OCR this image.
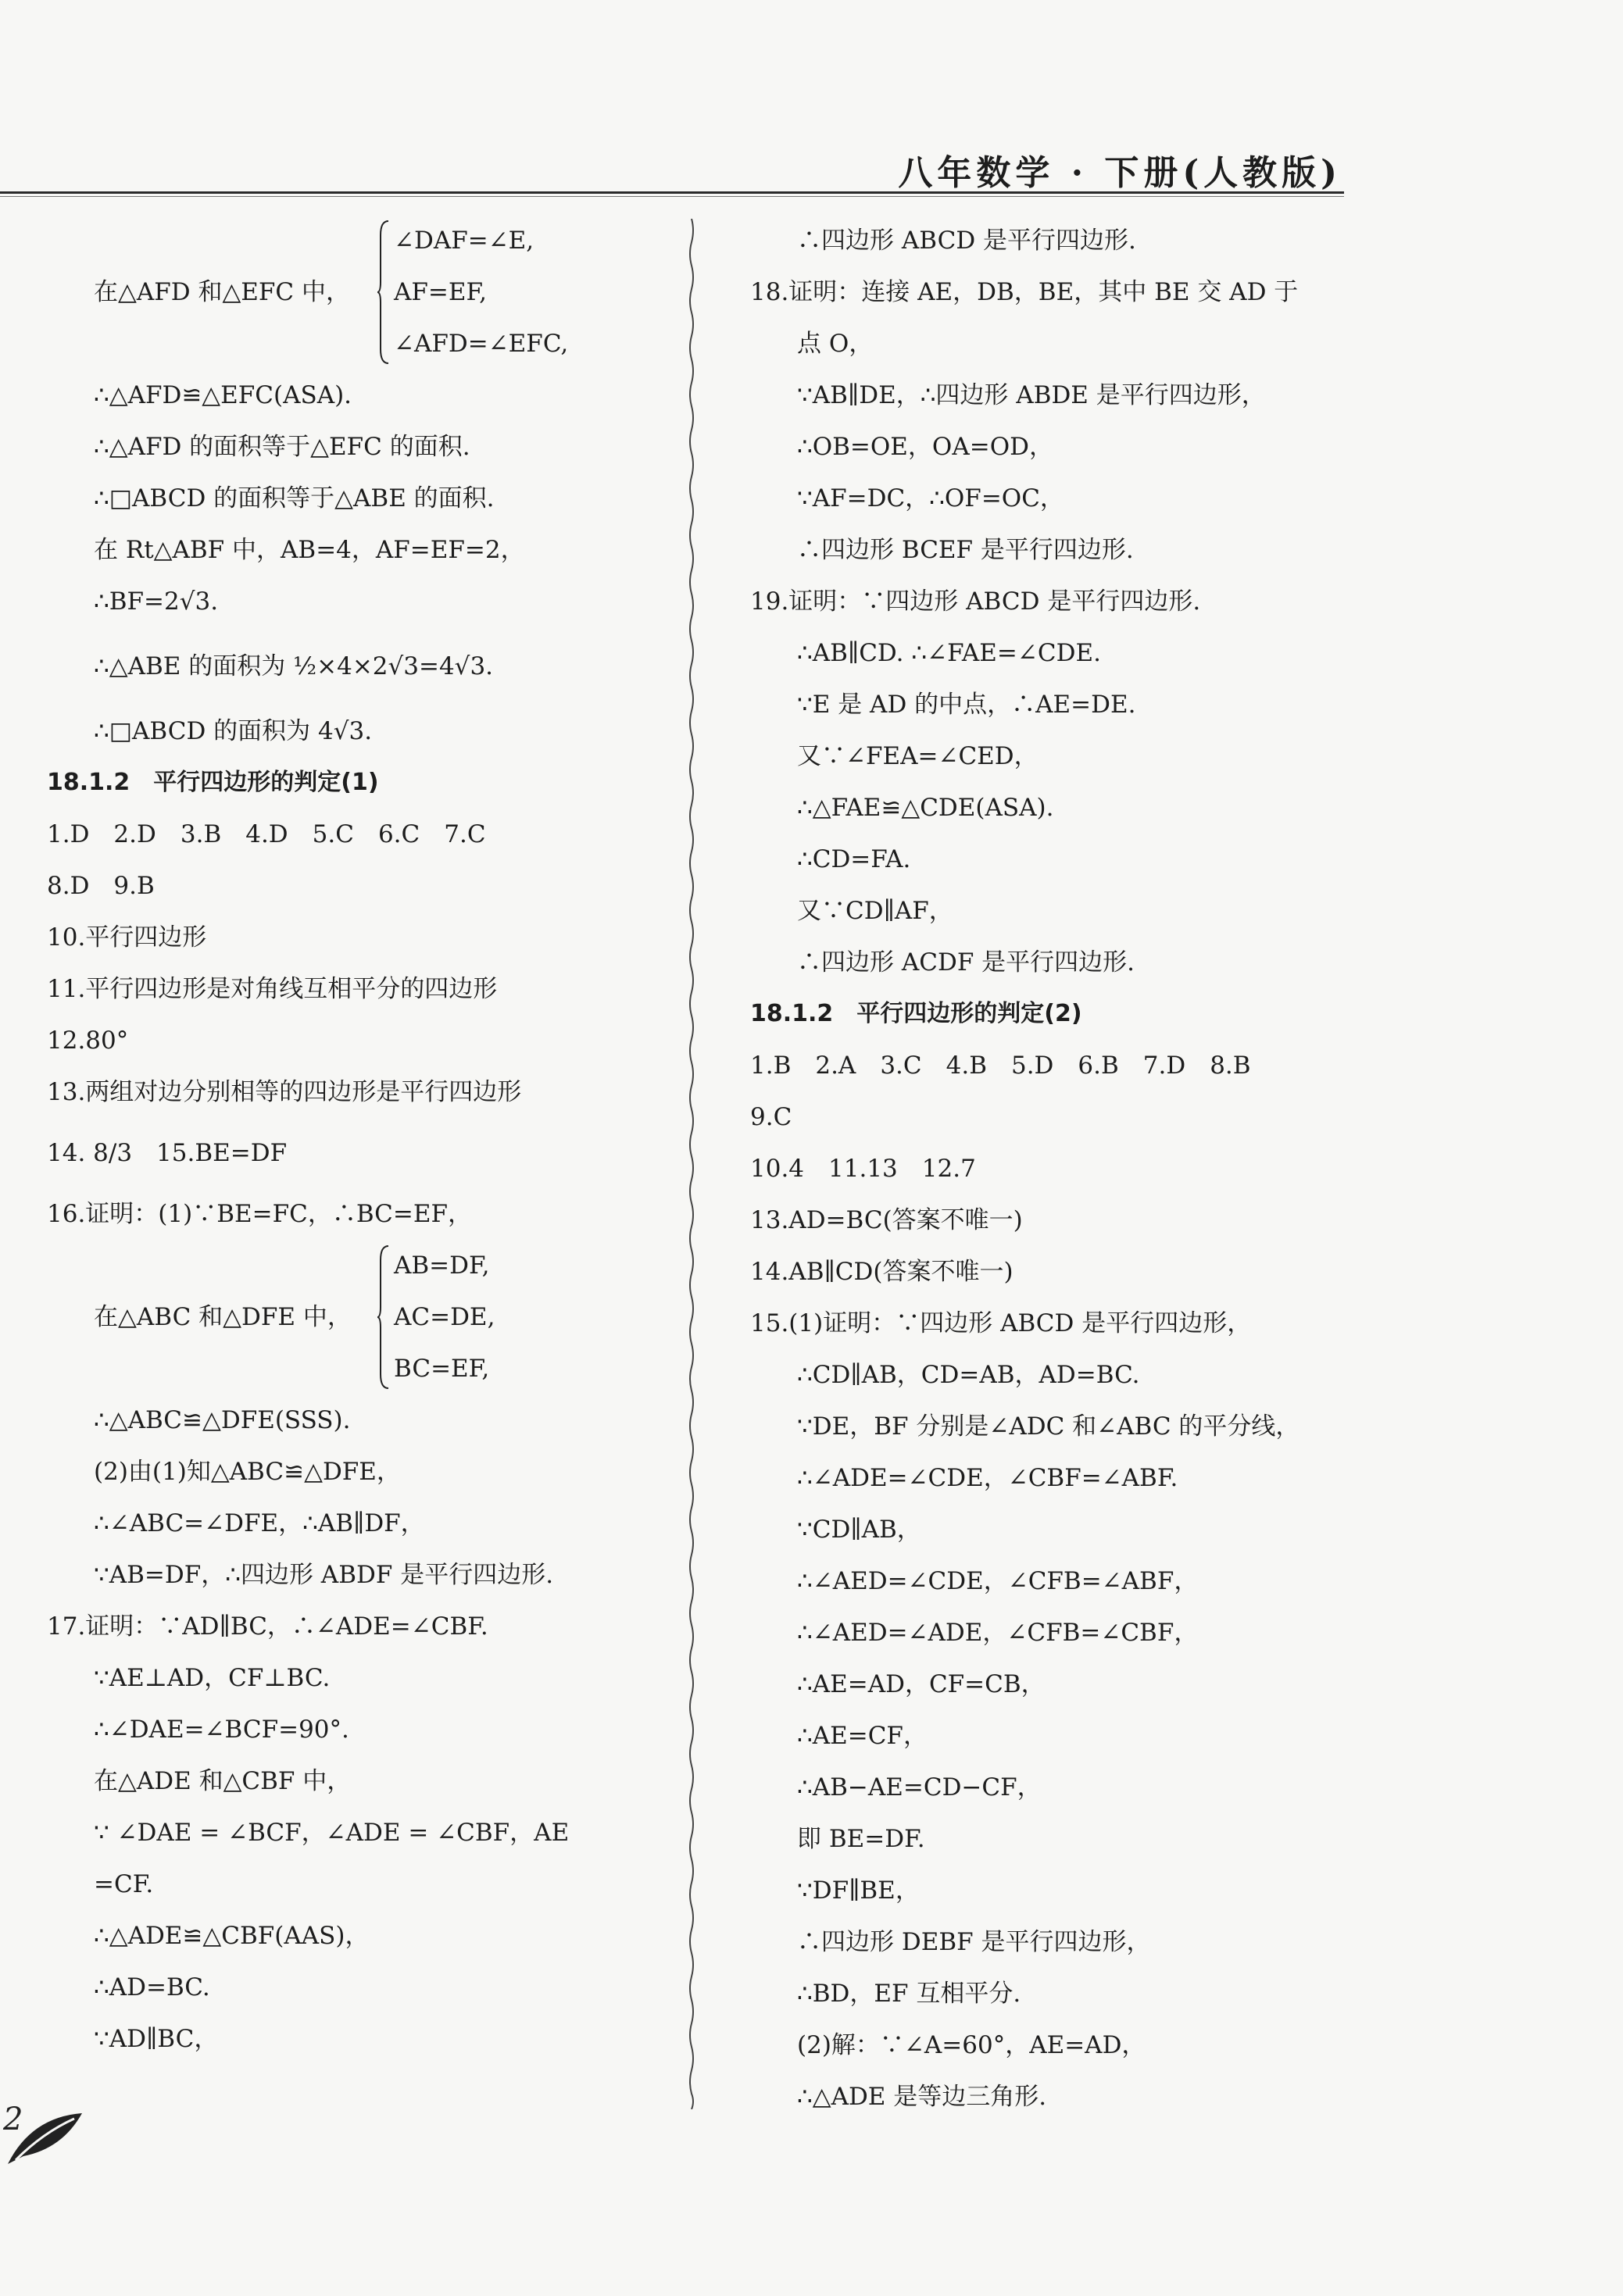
八年数学 · 下册(人教版)
在△AFD 和△EFC 中，
∠DAF=∠E,
AF=EF,
∠AFD=∠EFC,
∴△AFD≌△EFC(ASA).
∴△AFD 的面积等于△EFC 的面积.
∴□ABCD 的面积等于△ABE 的面积.
在 Rt△ABF 中，AB=4，AF=EF=2，
∴BF=2√3.
∴△ABE 的面积为 ½×4×2√3=4√3.
∴□ABCD 的面积为 4√3.
18.1.2　平行四边形的判定(1)
1.D　2.D　3.B　4.D　5.C　6.C　7.C
8.D　9.B
10.平行四边形
11.平行四边形是对角线互相平分的四边形
12.80°
13.两组对边分别相等的四边形是平行四边形
14. 8/3　15.BE=DF
16.证明：(1)∵BE=FC，∴BC=EF，
在△ABC 和△DFE 中，
AB=DF,
AC=DE,
BC=EF,
∴△ABC≌△DFE(SSS).
(2)由(1)知△ABC≌△DFE，
∴∠ABC=∠DFE，∴AB∥DF，
∵AB=DF，∴四边形 ABDF 是平行四边形.
17.证明：∵AD∥BC，∴∠ADE=∠CBF.
∵AE⊥AD，CF⊥BC.
∴∠DAE=∠BCF=90°.
在△ADE 和△CBF 中，
∵ ∠DAE = ∠BCF，∠ADE = ∠CBF，AE
=CF.
∴△ADE≌△CBF(AAS)，
∴AD=BC.
∵AD∥BC，
∴四边形 ABCD 是平行四边形.
18.证明：连接 AE，DB，BE，其中 BE 交 AD 于
点 O，
∵AB∥DE，∴四边形 ABDE 是平行四边形，
∴OB=OE，OA=OD，
∵AF=DC，∴OF=OC，
∴四边形 BCEF 是平行四边形.
19.证明：∵四边形 ABCD 是平行四边形.
∴AB∥CD. ∴∠FAE=∠CDE.
∵E 是 AD 的中点，∴AE=DE.
又∵∠FEA=∠CED，
∴△FAE≌△CDE(ASA).
∴CD=FA.
又∵CD∥AF，
∴四边形 ACDF 是平行四边形.
18.1.2　平行四边形的判定(2)
1.B　2.A　3.C　4.B　5.D　6.B　7.D　8.B
9.C
10.4　11.13　12.7
13.AD=BC(答案不唯一)
14.AB∥CD(答案不唯一)
15.(1)证明：∵四边形 ABCD 是平行四边形，
∴CD∥AB，CD=AB，AD=BC.
∵DE，BF 分别是∠ADC 和∠ABC 的平分线，
∴∠ADE=∠CDE，∠CBF=∠ABF.
∵CD∥AB，
∴∠AED=∠CDE，∠CFB=∠ABF，
∴∠AED=∠ADE，∠CFB=∠CBF，
∴AE=AD，CF=CB，
∴AE=CF，
∴AB−AE=CD−CF，
即 BE=DF.
∵DF∥BE，
∴四边形 DEBF 是平行四边形，
∴BD，EF 互相平分.
(2)解：∵∠A=60°，AE=AD，
∴△ADE 是等边三角形.
2
